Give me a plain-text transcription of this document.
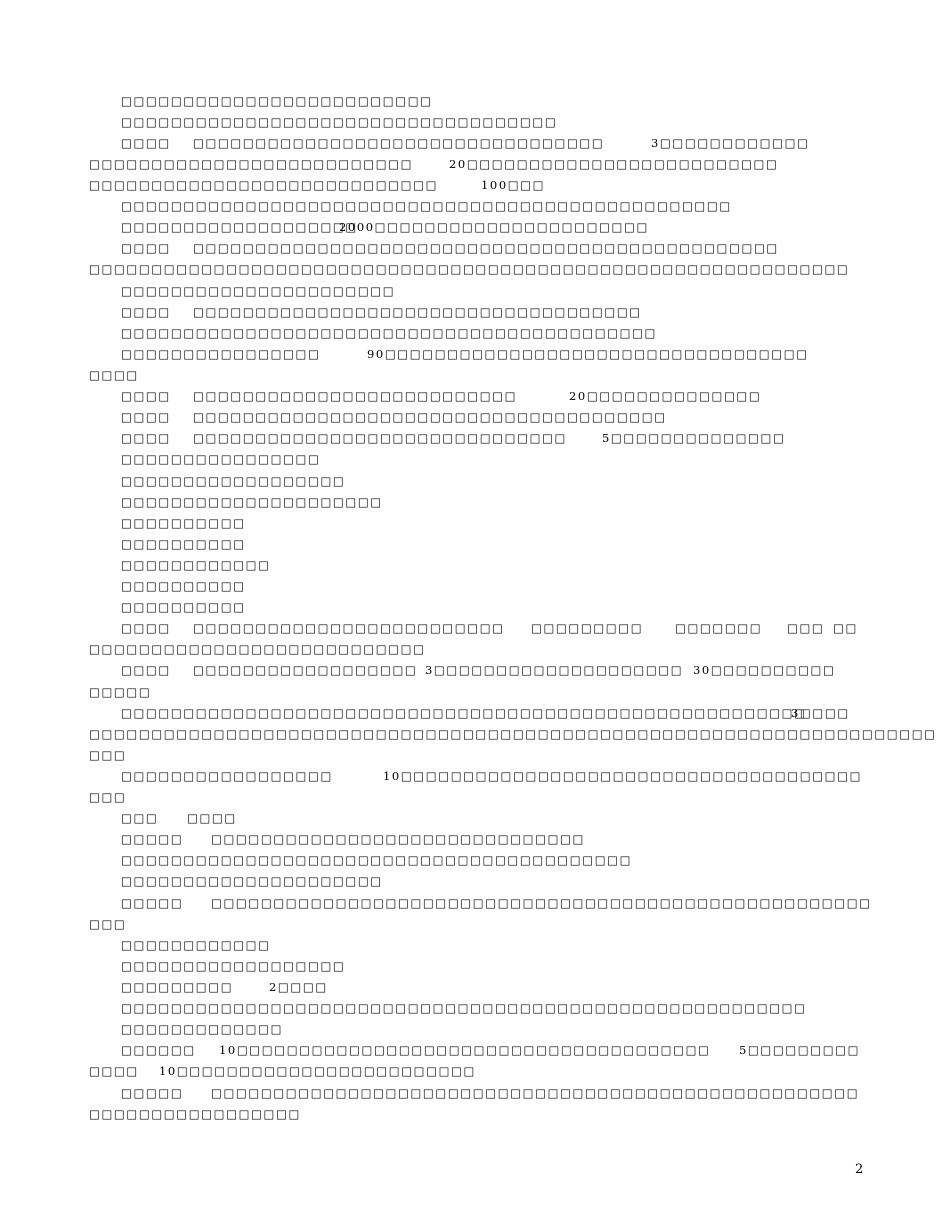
□□□□□□□□□□□□□□□□□□□□□□□□□
□□□□□□□□□□□□□□□□□□□□□□□□□□□□□□□□□□□
□□□□ □□□□□□□□□□□□□□□□□□□□□□□□□□□□□□□□□	3□□□□□□□□□□□□
□□□□□□□□□□□□□□□□□□□□□□□□□□	20□□□□□□□□□□□□□□□□□□□□□□□□□
□□□□□□□□□□□□□□□□□□□□□□□□□□□□	100□□□
□□□□□□□□□□□□□□□□□□□□□□□□□□□□□□□□□□□□□□□□□□□□□□□□□
□□□□□□□□□□□□□□□□□□□
2000□□□□□□□□□□□□□□□□□□□□□□
□□□□ □□□□□□□□□□□□□□□□□□□□□□□□□□□□□□□□□□□□□□□□□□□□□□□
□□□□□□□□□□□□□□□□□□□□□□□□□□□□□□□□□□□□□□□□□□□□□□□□□□□□□□□□□□□□□
□□□□□□□□□□□□□□□□□□□□□□
□□□□ □□□□□□□□□□□□□□□□□□□□□□□□□□□□□□□□□□□□
□□□□□□□□□□□□□□□□□□□□□□□□□□□□□□□□□□□□□□□□□□□
□□□□□□□□□□□□□□□□	90□□□□□□□□□□□□□□□□□□□□□□□□□□□□□□□□□□
□□□□
□□□□ □□□□□□□□□□□□□□□□□□□□□□□□□□	20□□□□□□□□□□□□□□
□□□□ □□□□□□□□□□□□□□□□□□□□□□□□□□□□□□□□□□□□□□
□□□□ □□□□□□□□□□□□□□□□□□□□□□□□□□□□□□	5□□□□□□□□□□□□□□
□□□□□□□□□□□□□□□□
□□□□□□□□□□□□□□□□□□
□□□□□□□□□□□□□□□□□□□□□
□□□□□□□□□□
□□□□□□□□□□
□□□□□□□□□□□□
□□□□□□□□□□
□□□□□□□□□□
□□□□ □□□□□□□□□□□□□□□□□□□□□□□□□ □□□□□□□□□	□□□□□□□ □□□ □□
□□□□□□□□□□□□□□□□□□□□□□□□□□□
□□□□ □□□□□□□□□□□□□□□□□□ 3□□□□□□□□□□□□□□□□□□□□ 30□□□□□□□□□□
□□□□□
□□□□□□□□□□□□□□□□□□□□□□□□□□□□□□□□□□□□□□□□□□□□□□□□□□□□□□□
3□□□□
□□□□□□□□□□□□□□□□□□□□□□□□□□□□□□□□□□□□□□□□□□□□□□□□□□□□□□□□□□□□□□□□□□□□
□□□
□□□□□□□□□□□□□□□□□	10□□□□□□□□□□□□□□□□□□□□□□□□□□□□□□□□□□□□□
□□□
□□□ □□□□
□□□□□ □□□□□□□□□□□□□□□□□□□□□□□□□□□□□□
□□□□□□□□□□□□□□□□□□□□□□□□□□□□□□□□□□□□□□□□□
□□□□□□□□□□□□□□□□□□□□□
□□□□□ □□□□□□□□□□□□□□□□□□□□□□□□□□□□□□□□□□□□□□□□□□□□□□□□□□□□□
□□□
□□□□□□□□□□□□
□□□□□□□□□□□□□□□□□□
□□□□□□□□□	2□□□□
□□□□□□□□□□□□□□□□□□□□□□□□□□□□□□□□□□□□□□□□□□□□□□□□□□□□□□□
□□□□□□□□□□□□□
□□□□□□ 10□□□□□□□□□□□□□□□□□□□□□□□□□□□□□□□□□□□□□□ 5□□□□□□□□□
□□□□ 10□□□□□□□□□□□□□□□□□□□□□□□□
□□□□□ □□□□□□□□□□□□□□□□□□□□□□□□□□□□□□□□□□□□□□□□□□□□□□□□□□□□
□□□□□□□□□□□□□□□□□
2
